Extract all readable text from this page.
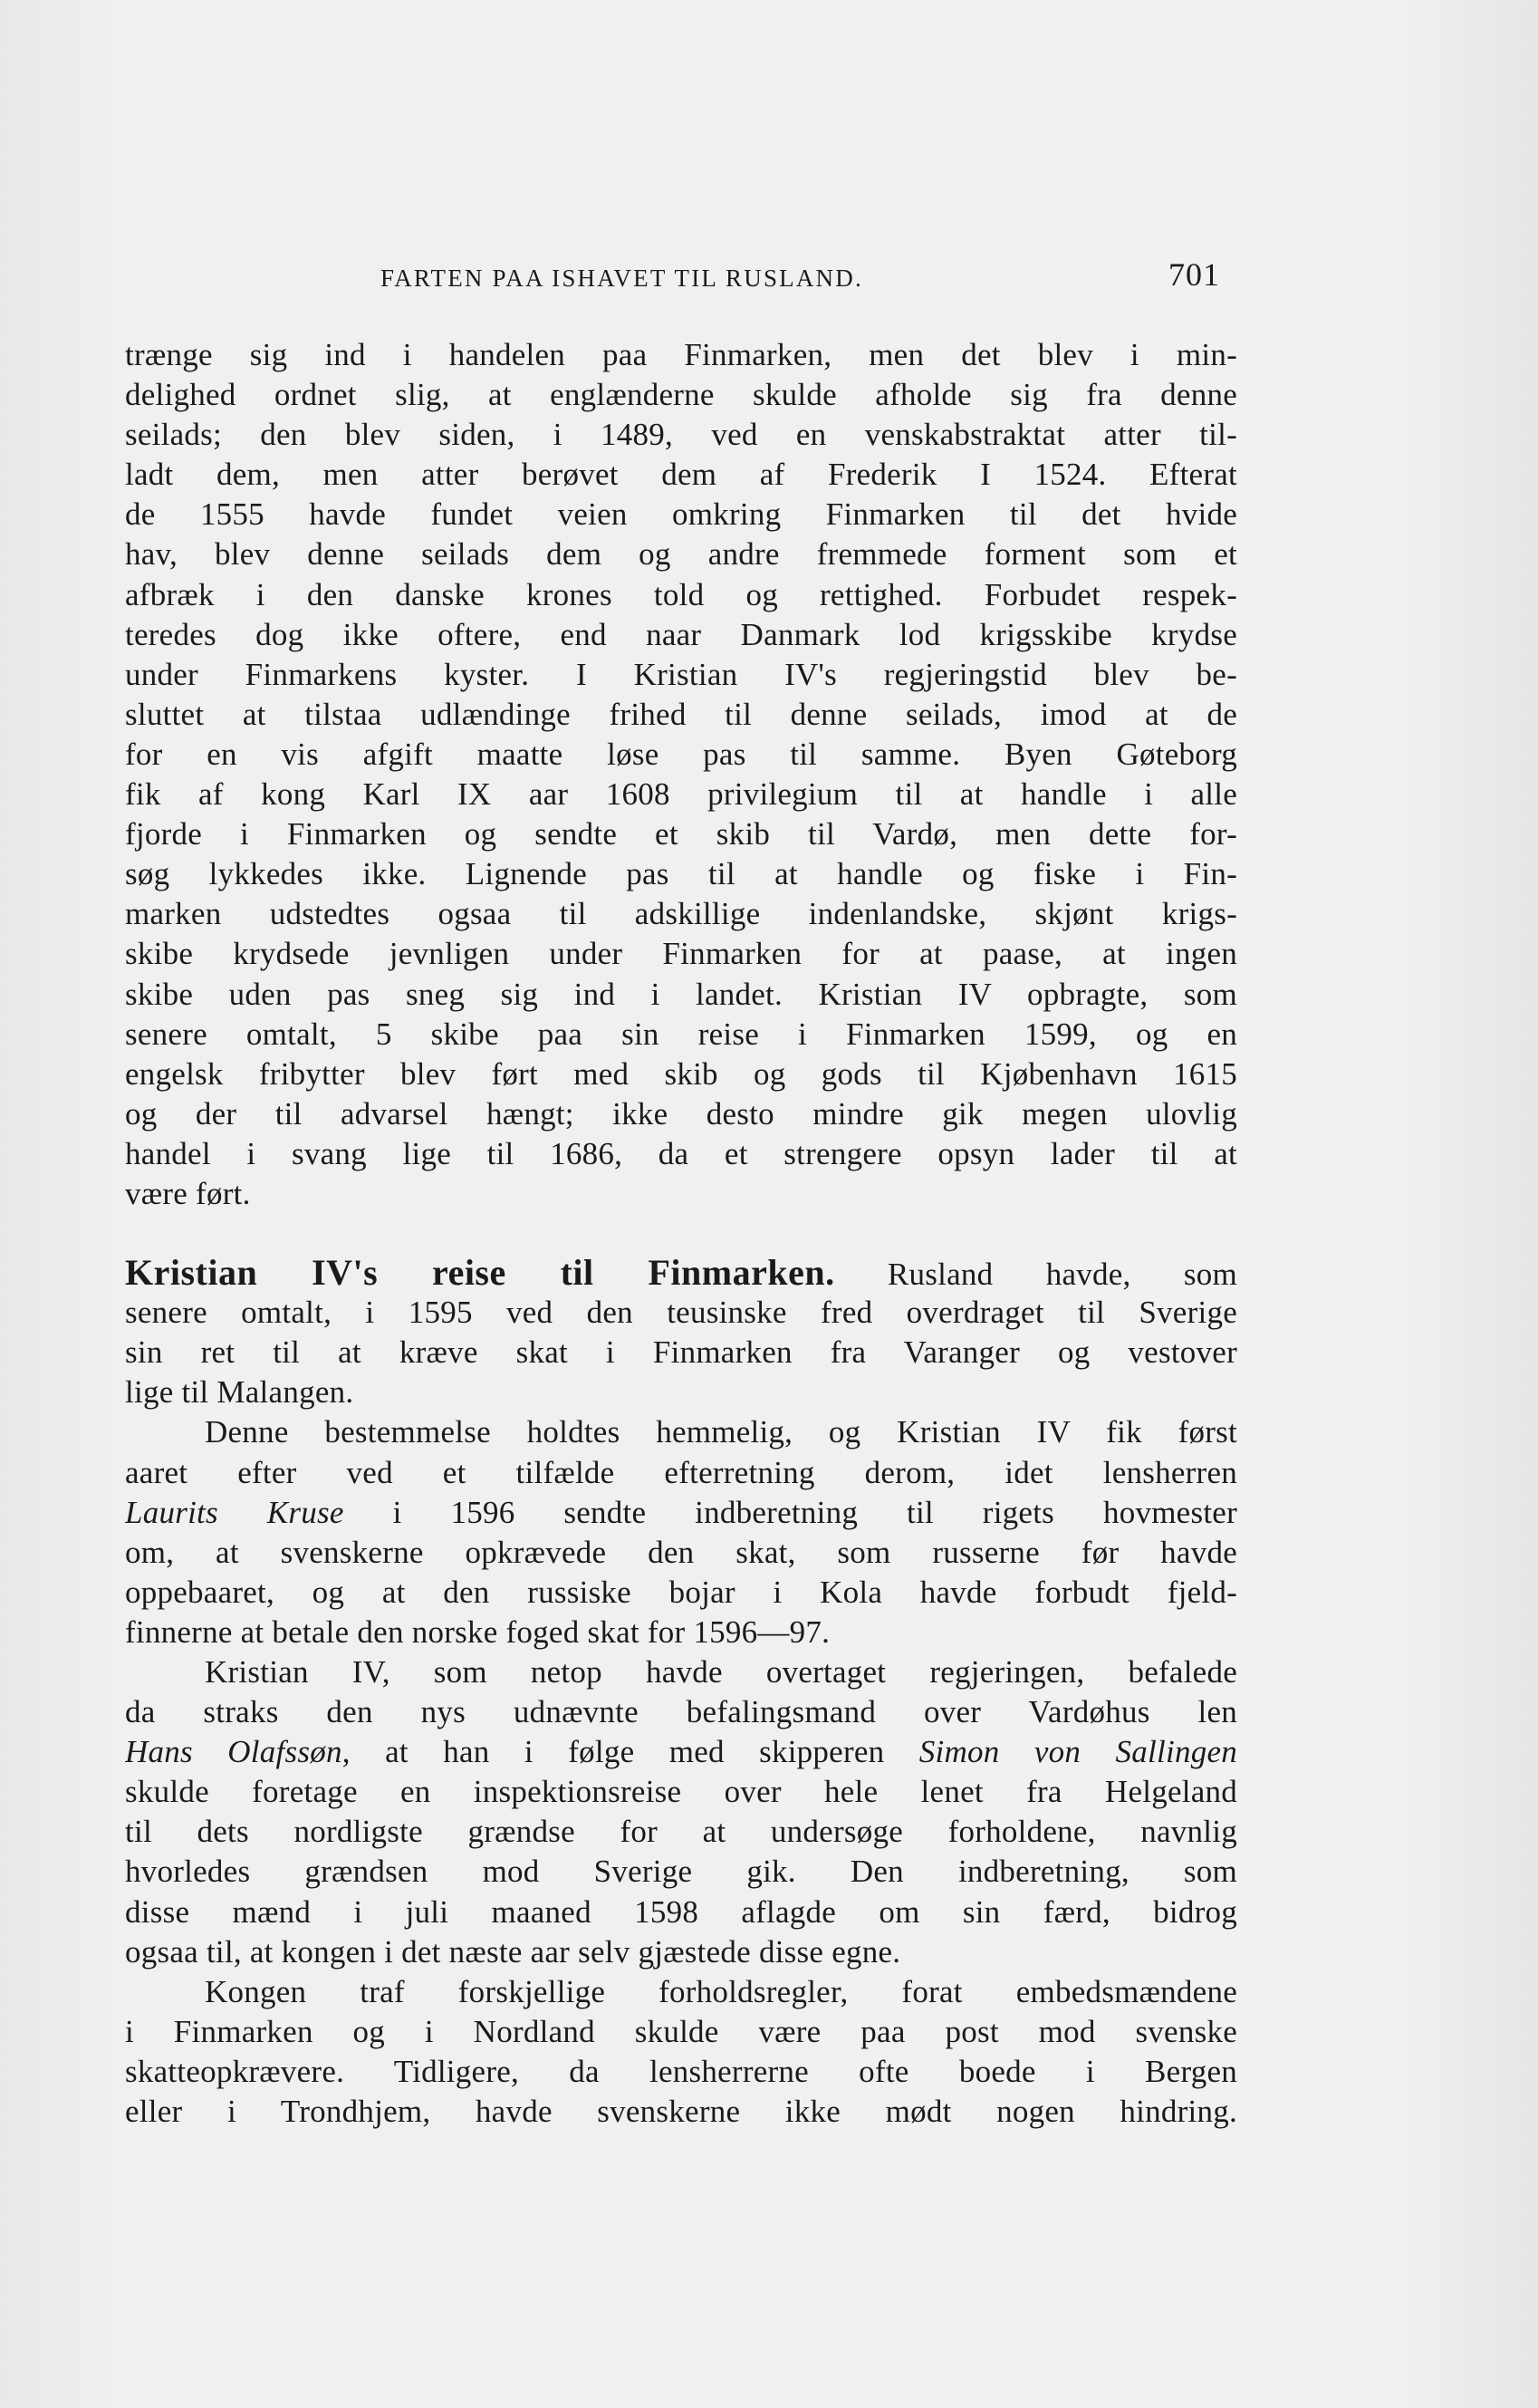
FARTEN PAA ISHAVET TIL RUSLAND.	701
trænge sig ind i handelen paa Finmarken, men det blev i min-
delighed ordnet slig, at englænderne skulde afholde sig fra denne
seilads; den blev siden, i 1489, ved en venskabstraktat atter til-
ladt dem, men atter berøvet dem af Frederik I 1524. Efterat
de 1555 havde fundet veien omkring Finmarken til det hvide
hav, blev denne seilads dem og andre fremmede forment som et
afbræk i den danske krones told og rettighed. Forbudet respek-
teredes dog ikke oftere, end naar Danmark lod krigsskibe krydse
under Finmarkens kyster. I Kristian IV's regjeringstid blev be-
sluttet at tilstaa udlændinge frihed til denne seilads, imod at de
for en vis afgift maatte løse pas til samme. Byen Gøteborg
fik af kong Karl IX aar 1608 privilegium til at handle i alle
fjorde i Finmarken og sendte et skib til Vardø, men dette for-
søg lykkedes ikke. Lignende pas til at handle og fiske i Fin-
marken udstedtes ogsaa til adskillige indenlandske, skjønt krigs-
skibe krydsede jevnligen under Finmarken for at paase, at ingen
skibe uden pas sneg sig ind i landet. Kristian IV opbragte, som
senere omtalt, 5 skibe paa sin reise i Finmarken 1599, og en
engelsk fribytter blev ført med skib og gods til Kjøbenhavn 1615
og der til advarsel hængt; ikke desto mindre gik megen ulovlig
handel i svang lige til 1686, da et strengere opsyn lader til at
være ført.
Kristian IV's reise til Finmarken. Rusland havde, som
senere omtalt, i 1595 ved den teusinske fred overdraget til Sverige
sin ret til at kræve skat i Finmarken fra Varanger og vestover
lige til Malangen.
Denne bestemmelse holdtes hemmelig, og Kristian IV fik først
aaret efter ved et tilfælde efterretning derom, idet lensherren
Laurits Kruse i 1596 sendte indberetning til rigets hovmester
om, at svenskerne opkrævede den skat, som russerne før havde
oppebaaret, og at den russiske bojar i Kola havde forbudt fjeld-
finnerne at betale den norske foged skat for 1596—97.
Kristian IV, som netop havde overtaget regjeringen, befalede
da straks den nys udnævnte befalingsmand over Vardøhus len
Hans Olafssøn, at han i følge med skipperen Simon von Sallingen
skulde foretage en inspektionsreise over hele lenet fra Helgeland
til dets nordligste grændse for at undersøge forholdene, navnlig
hvorledes grændsen mod Sverige gik. Den indberetning, som
disse mænd i juli maaned 1598 aflagde om sin færd, bidrog
ogsaa til, at kongen i det næste aar selv gjæstede disse egne.
Kongen traf forskjellige forholdsregler, forat embedsmændene
i Finmarken og i Nordland skulde være paa post mod svenske
skatteopkrævere. Tidligere, da lensherrerne ofte boede i Bergen
eller i Trondhjem, havde svenskerne ikke mødt nogen hindring.
